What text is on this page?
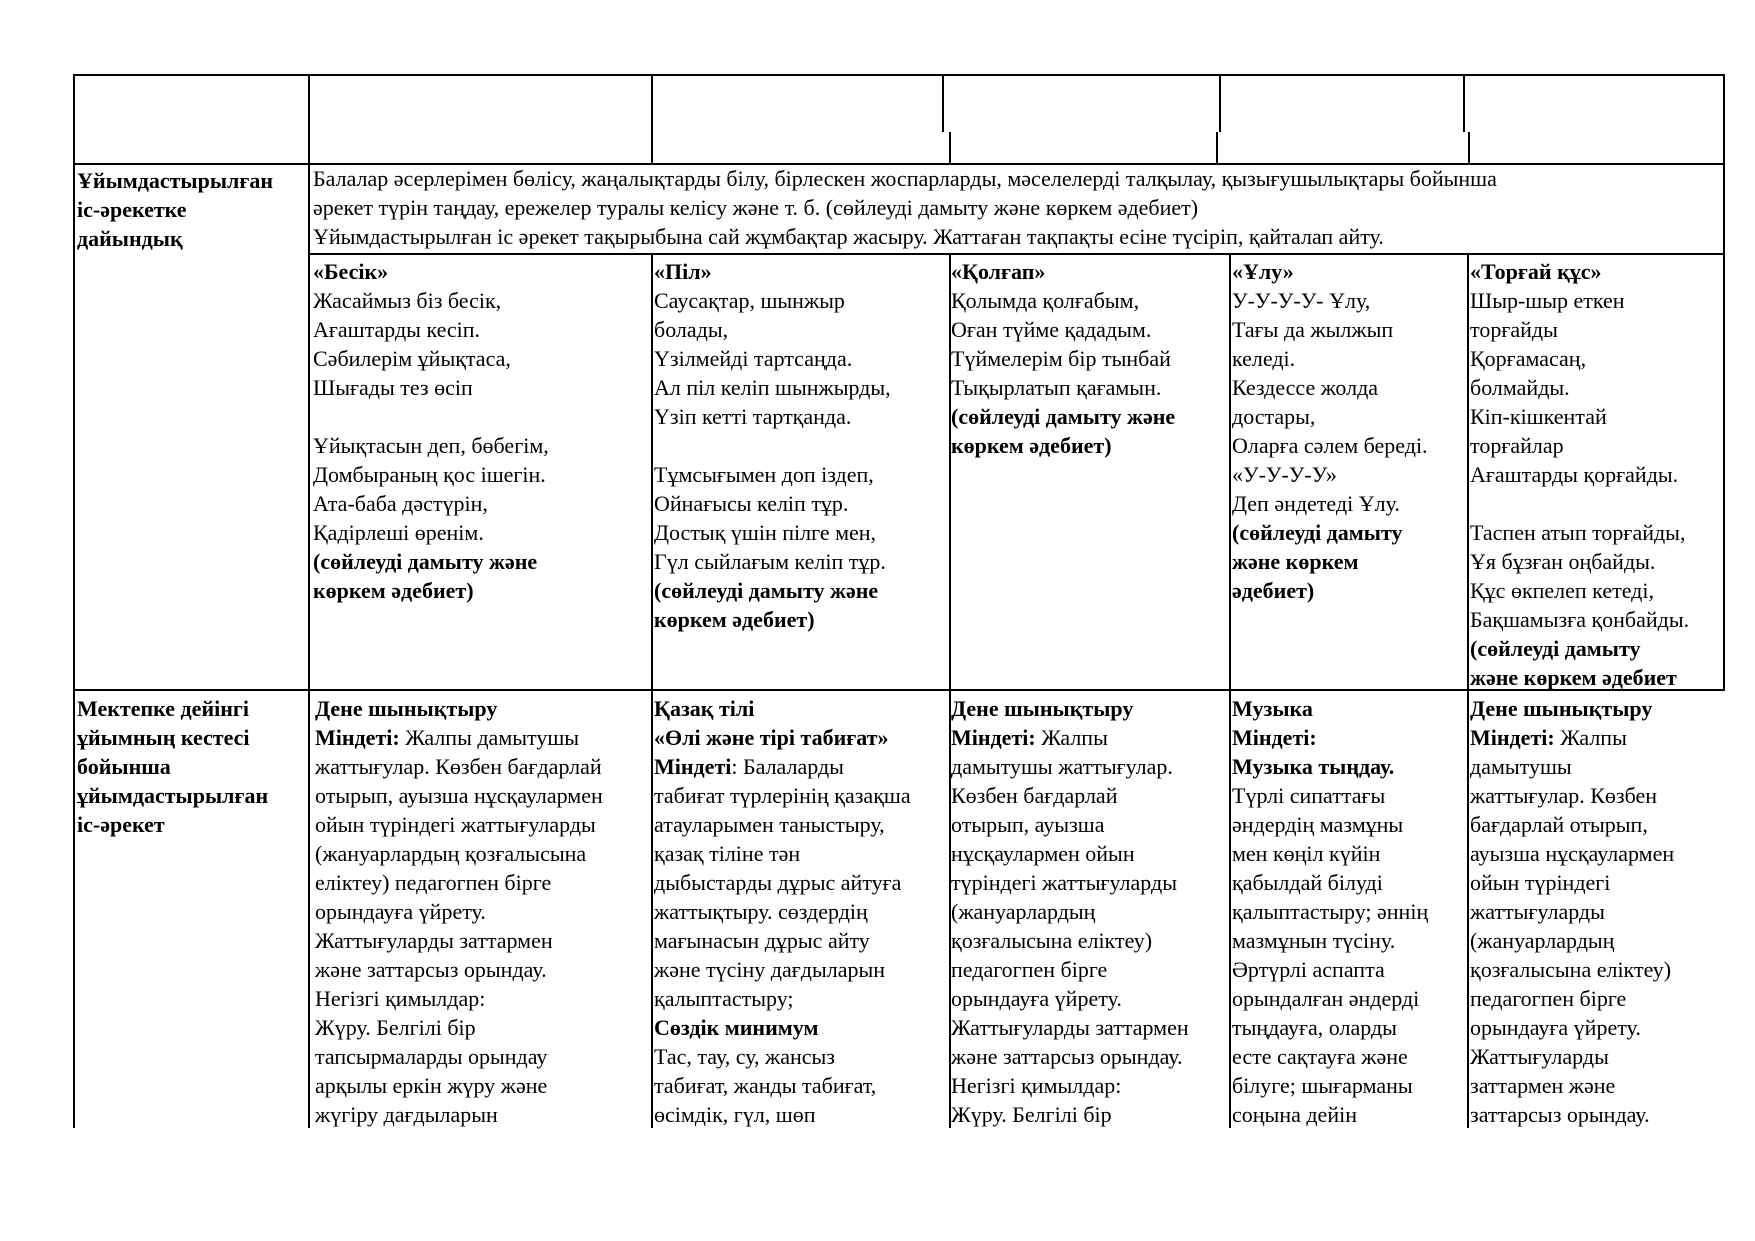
Ұйымдастырылған
іс-әрекетке
дайындық
Мектепке дейінгі
ұйымның кестесі
бойынша
ұйымдастырылған
іс-әрекет
Балалар әсерлерімен бөлісу, жаңалықтарды білу, бірлескен жоспарларды, мәселелерді талқылау, қызығушылықтары бойынша
әрекет түрін таңдау, ережелер туралы келісу және т. б. (сөйлеуді дамыту және көркем әдебиет)
Ұйымдастырылған іс әрекет тақырыбына сай жұмбақтар жасыру. Жаттаған тақпақты есіне түсіріп, қайталап айту.
«Бесік»
Жасаймыз біз бесік,
Ағаштарды кесіп.
Сәбилерім ұйықтаса,
Шығады тез өсіп
Ұйықтасын деп, бөбегім,
Домбыраның қос ішегін.
Ата-баба дәстүрін,
Қадірлеші өренім.
(сөйлеуді дамыту және
көркем әдебиет)
«Піл»
Саусақтар, шынжыр
болады,
Үзілмейді тартсаңда.
Ал піл келіп шынжырды,
Үзіп кетті тартқанда.
Тұмсығымен доп іздеп,
Ойнағысы келіп тұр.
Достық үшін пілге мен,
Гүл сыйлағым келіп тұр.
(сөйлеуді дамыту және
көркем әдебиет)
«Қолғап»
Қолымда қолғабым,
Оған түйме қададым.
Түймелерім бір тынбай
Тықырлатып қағамын.
(сөйлеуді дамыту және
көркем әдебиет)
«Ұлу»
У-У-У-У- Ұлу,
Тағы да жылжып
келеді.
Кездессе жолда
достары,
Оларға сәлем береді.
«У-У-У-У»
Деп әндетеді Ұлу.
(сөйлеуді дамыту
және көркем
әдебиет)
«Торғай құс»
Шыр-шыр еткен
торғайды
Қорғамасаң,
болмайды.
Кіп-кішкентай
торғайлар
Ағаштарды қорғайды.
Таспен атып торғайды,
Ұя бұзған оңбайды.
Құс өкпелеп кетеді,
Бақшамызға қонбайды.
(сөйлеуді дамыту
және көркем әдебиет
Дене шынықтыру
Міндеті: Жалпы дамытушы
жаттығулар. Көзбен бағдарлай
отырып, ауызша нұсқаулармен
ойын түріндегі жаттығуларды
(жануарлардың қозғалысына
еліктеу) педагогпен бірге
орындауға үйрету.
Жаттығуларды заттармен
және заттарсыз орындау.
Негізгі қимылдар:
Жүру. Белгілі бір
тапсырмаларды орындау
арқылы еркін жүру және
жүгіру дағдыларын
Қазақ тілі
«Өлі және тірі табиғат»
Міндеті: Балаларды
табиғат түрлерінің қазақша
атауларымен таныстыру,
қазақ тіліне тән
дыбыстарды дұрыс айтуға
жаттықтыру. сөздердің
мағынасын дұрыс айту
және түсіну дағдыларын
қалыптастыру;
Сөздік минимум
Тас, тау, су, жансыз
табиғат, жанды табиғат,
өсімдік, гүл, шөп
Дене шынықтыру
Міндеті: Жалпы
дамытушы жаттығулар.
Көзбен бағдарлай
отырып, ауызша
нұсқаулармен ойын
түріндегі жаттығуларды
(жануарлардың
қозғалысына еліктеу)
педагогпен бірге
орындауға үйрету.
Жаттығуларды заттармен
және заттарсыз орындау.
Негізгі қимылдар:
Жүру. Белгілі бір
Музыка
Міндеті:
Музыка тыңдау.
Түрлі сипаттағы
әндердің мазмұны
мен көңіл күйін
қабылдай білуді
қалыптастыру; әннің
мазмұнын түсіну.
Әртүрлі аспапта
орындалған әндерді
тыңдауға, оларды
есте сақтауға және
білуге; шығарманы
соңына дейін
Дене шынықтыру
Міндеті: Жалпы
дамытушы
жаттығулар. Көзбен
бағдарлай отырып,
ауызша нұсқаулармен
ойын түріндегі
жаттығуларды
(жануарлардың
қозғалысына еліктеу)
педагогпен бірге
орындауға үйрету.
Жаттығуларды
заттармен және
заттарсыз орындау.
